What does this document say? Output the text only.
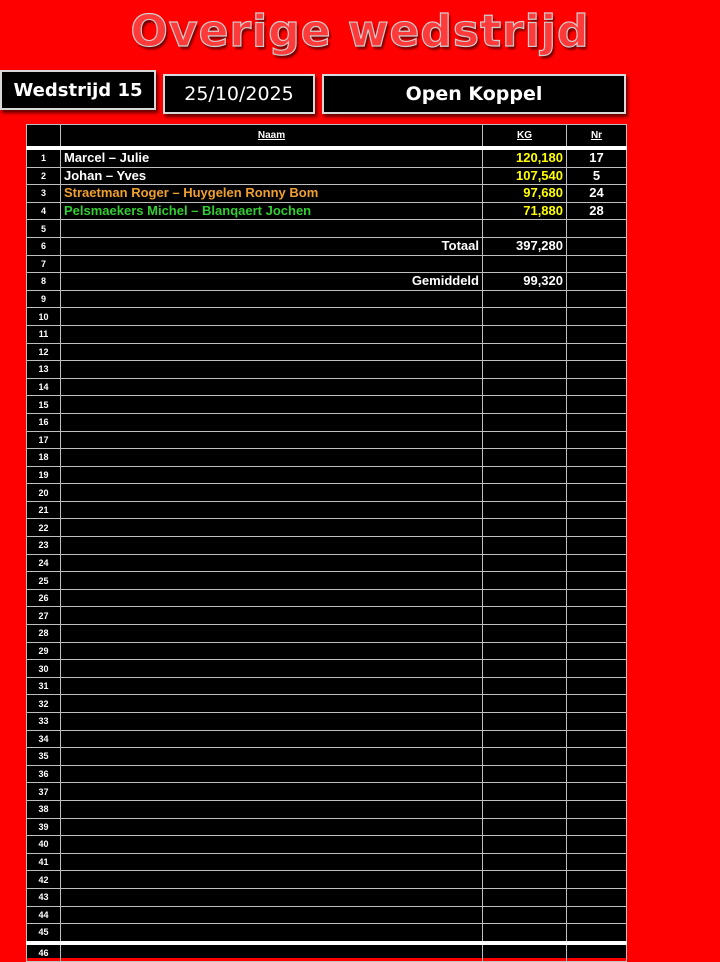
Overige wedstrijd
Wedstrijd 15	25/10/2025	Open Koppel
	Naam	KG	Nr
1	Marcel – Julie	120,180	17
2	Johan – Yves	107,540	5
3	Straetman Roger – Huygelen Ronny Bom	97,680	24
4	Pelsmaekers Michel – Blanqaert Jochen	71,880	28
5			
6	Totaal	397,280	
7			
8	Gemiddeld	99,320	
9			
10			
11			
12			
13			
14			
15			
16			
17			
18			
19			
20			
21			
22			
23			
24			
25			
26			
27			
28			
29			
30			
31			
32			
33			
34			
35			
36			
37			
38			
39			
40			
41			
42			
43			
44			
45			
46			
